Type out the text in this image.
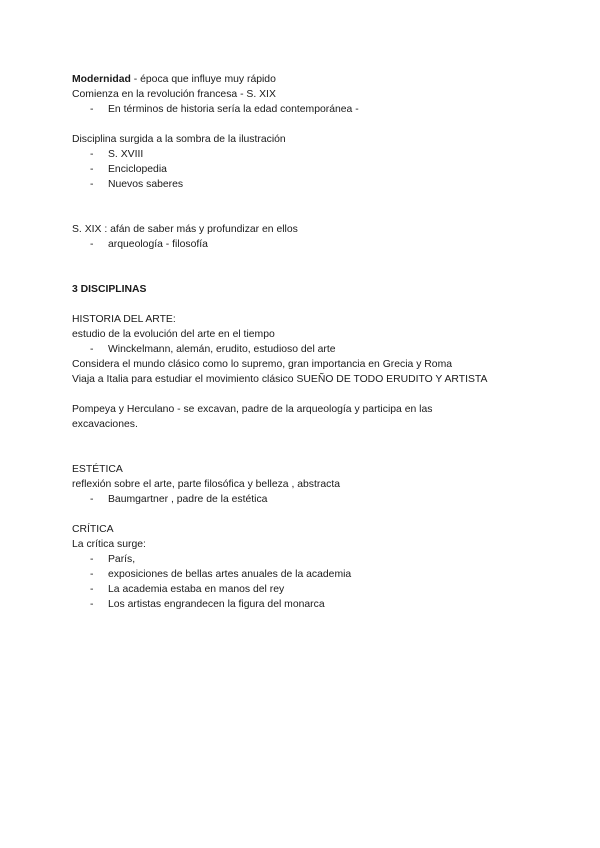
Modernidad - época que influye muy rápido
Comienza en la revolución francesa - S. XIX
- En términos de historia sería la edad contemporánea -
Disciplina surgida a la sombra de la ilustración
- S. XVIII
- Enciclopedia
- Nuevos saberes
S. XIX : afán de saber más y profundizar en ellos
- arqueología - filosofía
3 DISCIPLINAS
HISTORIA DEL ARTE:
estudio de la evolución del arte en el tiempo
- Winckelmann, alemán, erudito, estudioso del arte
Considera el mundo clásico como lo supremo, gran importancia en Grecia y Roma
Viaja a Italia para estudiar el movimiento clásico SUEÑO DE TODO ERUDITO Y ARTISTA
Pompeya y Herculano - se excavan, padre de la arqueología y participa en las excavaciones.
ESTÉTICA
reflexión sobre el arte, parte filosófica y belleza , abstracta
- Baumgartner , padre de la estética
CRÍTICA
La crítica surge:
- París,
- exposiciones de bellas artes anuales de la academia
- La academia estaba en manos del rey
- Los artistas engrandecen la figura del monarca
